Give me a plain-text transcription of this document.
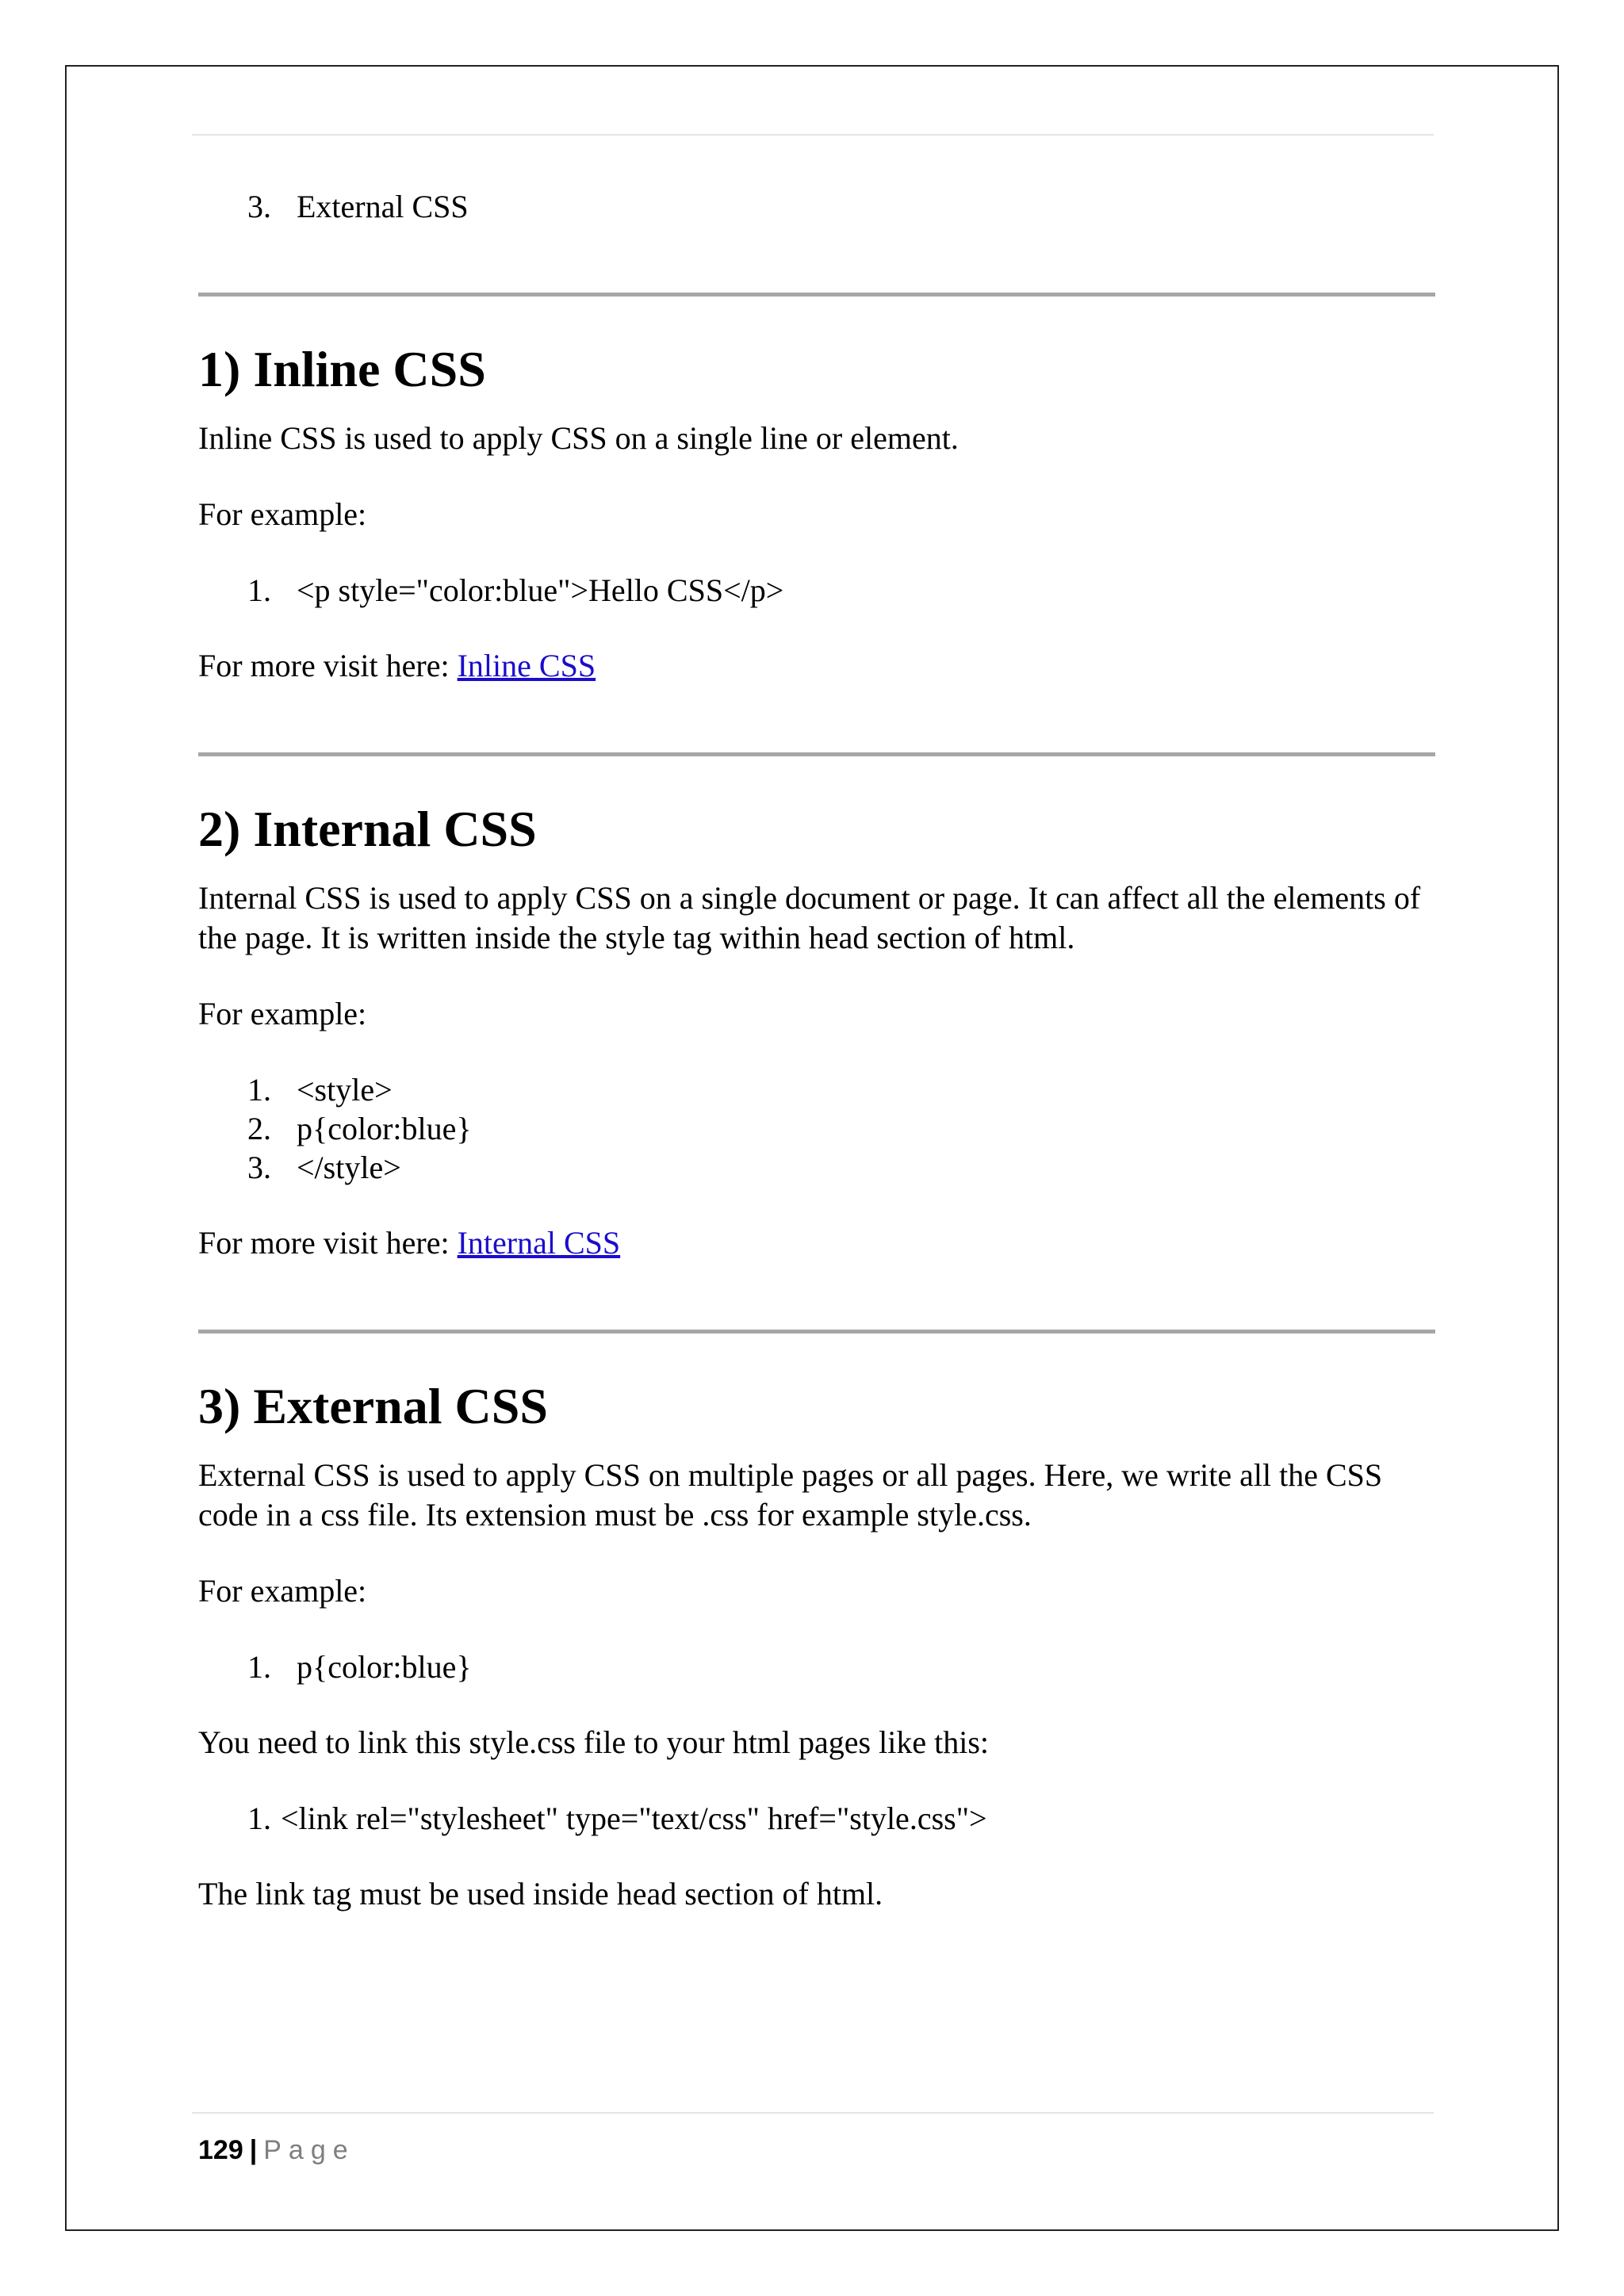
3. External CSS
1) Inline CSS
Inline CSS is used to apply CSS on a single line or element.
For example:
1. <p style="color:blue">Hello CSS</p>
For more visit here: Inline CSS
2) Internal CSS
Internal CSS is used to apply CSS on a single document or page. It can affect all the elements of the page. It is written inside the style tag within head section of html.
For example:
1. <style>
2. p{color:blue}
3. </style>
For more visit here: Internal CSS
3) External CSS
External CSS is used to apply CSS on multiple pages or all pages. Here, we write all the CSS code in a css file. Its extension must be .css for example style.css.
For example:
1. p{color:blue}
You need to link this style.css file to your html pages like this:
1. <link rel="stylesheet" type="text/css" href="style.css">
The link tag must be used inside head section of html.
129 | Page
